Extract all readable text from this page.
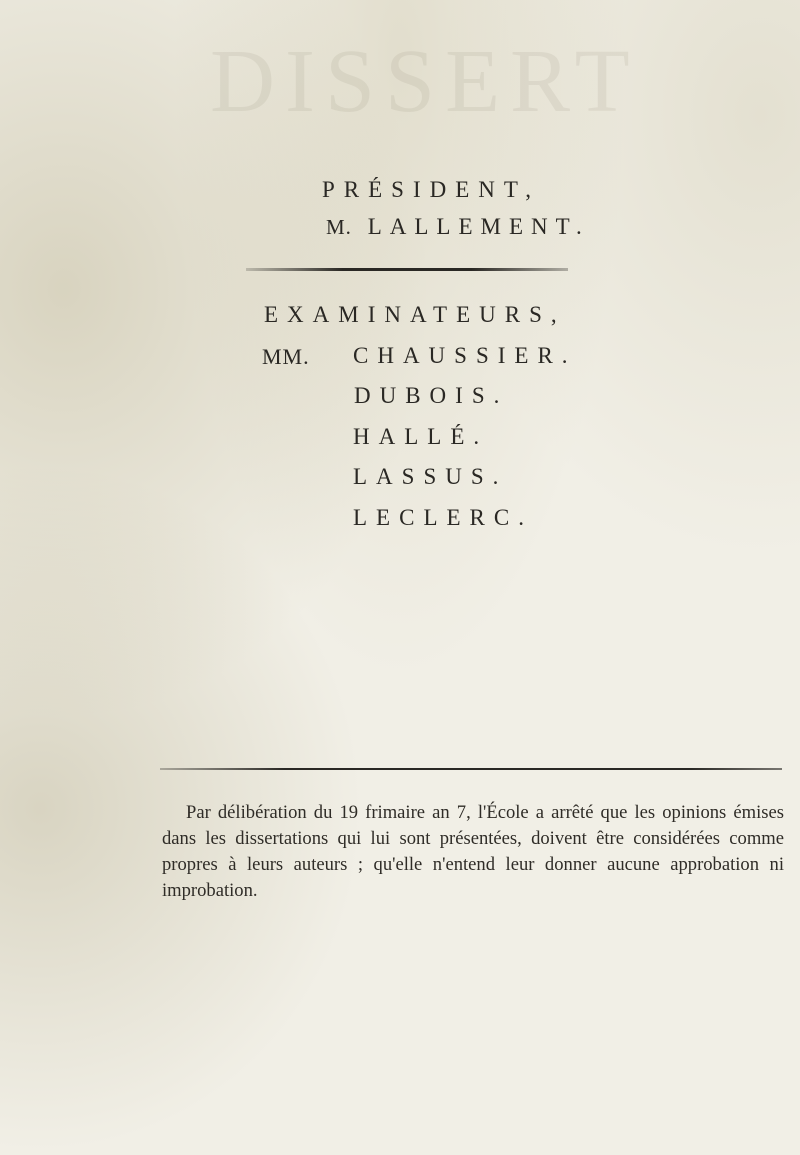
DISSERT
PRÉSIDENT,
M. LALLEMENT.
EXAMINATEURS,
MM. CHAUSSIER.
DUBOIS.
HALLÉ.
LASSUS.
LECLERC.

Par délibération du 19 frimaire an 7, l'École a arrêté que les opinions émises dans les dissertations qui lui sont présentées, doivent être considérées comme propres à leurs auteurs ; qu'elle n'entend leur donner aucune approbation ni improbation.
